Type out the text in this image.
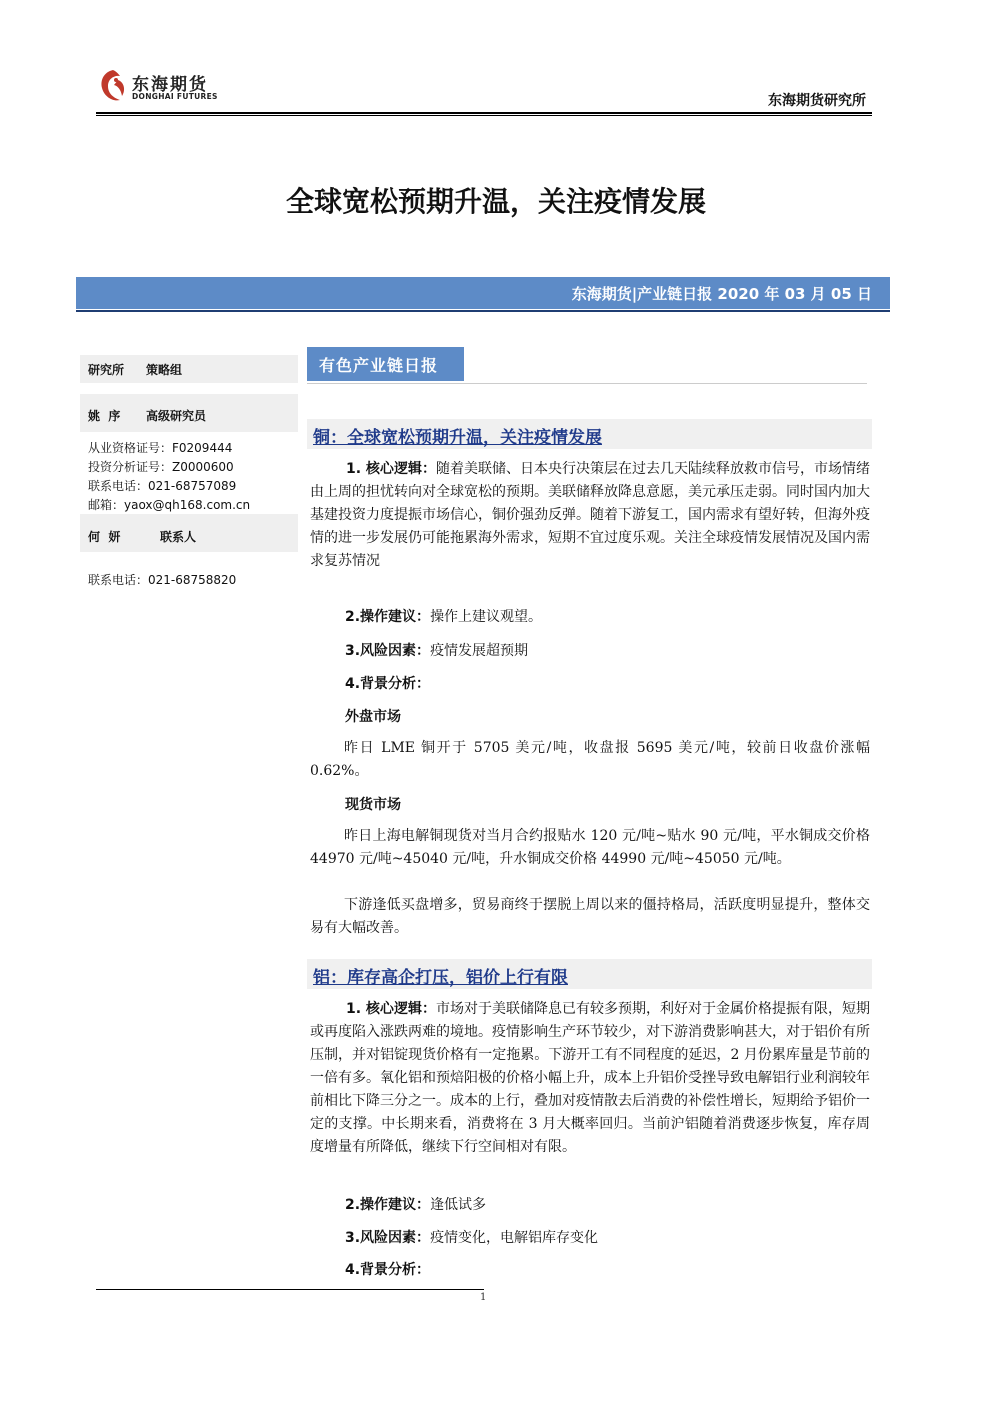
东海期货
DONGHAI FUTURES	东海期货研究所
全球宽松预期升温，关注疫情发展
东海期货|产业链日报 2020 年 03 月 05 日
研究所 策略组
姚  序 高级研究员
从业资格证号：F0209444
投资分析证号：Z0000600
联系电话：021-68757089
邮箱：yaox@qh168.com.cn
何  妍	联系人
联系电话：021-68758820
有色产业链日报
铜：全球宽松预期升温，关注疫情发展
1. 核心逻辑：随着美联储、日本央行决策层在过去几天陆续释放救市信号，市场情绪由上周的担忧转向对全球宽松的预期。美联储释放降息意愿，美元承压走弱。同时国内加大基建投资力度提振市场信心，铜价强劲反弹。随着下游复工，国内需求有望好转，但海外疫情的进一步发展仍可能拖累海外需求，短期不宜过度乐观。关注全球疫情发展情况及国内需求复苏情况
2.操作建议：操作上建议观望。
3.风险因素：疫情发展超预期
4.背景分析：
外盘市场
昨日 LME 铜开于 5705 美元/吨，收盘报 5695 美元/吨，较前日收盘价涨幅 0.62%。
现货市场
昨日上海电解铜现货对当月合约报贴水 120 元/吨~贴水 90 元/吨，平水铜成交价格 44970 元/吨~45040 元/吨，升水铜成交价格 44990 元/吨~45050 元/吨。
下游逢低买盘增多，贸易商终于摆脱上周以来的僵持格局，活跃度明显提升，整体交易有大幅改善。
铝：库存高企打压，铝价上行有限
1. 核心逻辑：市场对于美联储降息已有较多预期，利好对于金属价格提振有限，短期或再度陷入涨跌两难的境地。疫情影响生产环节较少，对下游消费影响甚大，对于铝价有所压制，并对铝锭现货价格有一定拖累。下游开工有不同程度的延迟，2 月份累库量是节前的一倍有多。氧化铝和预焙阳极的价格小幅上升，成本上升铝价受挫导致电解铝行业利润较年前相比下降三分之一。成本的上行，叠加对疫情散去后消费的补偿性增长，短期给予铝价一定的支撑。中长期来看，消费将在 3 月大概率回归。当前沪铝随着消费逐步恢复，库存周度增量有所降低，继续下行空间相对有限。
2.操作建议：逢低试多
3.风险因素：疫情变化，电解铝库存变化
4.背景分析：
1
